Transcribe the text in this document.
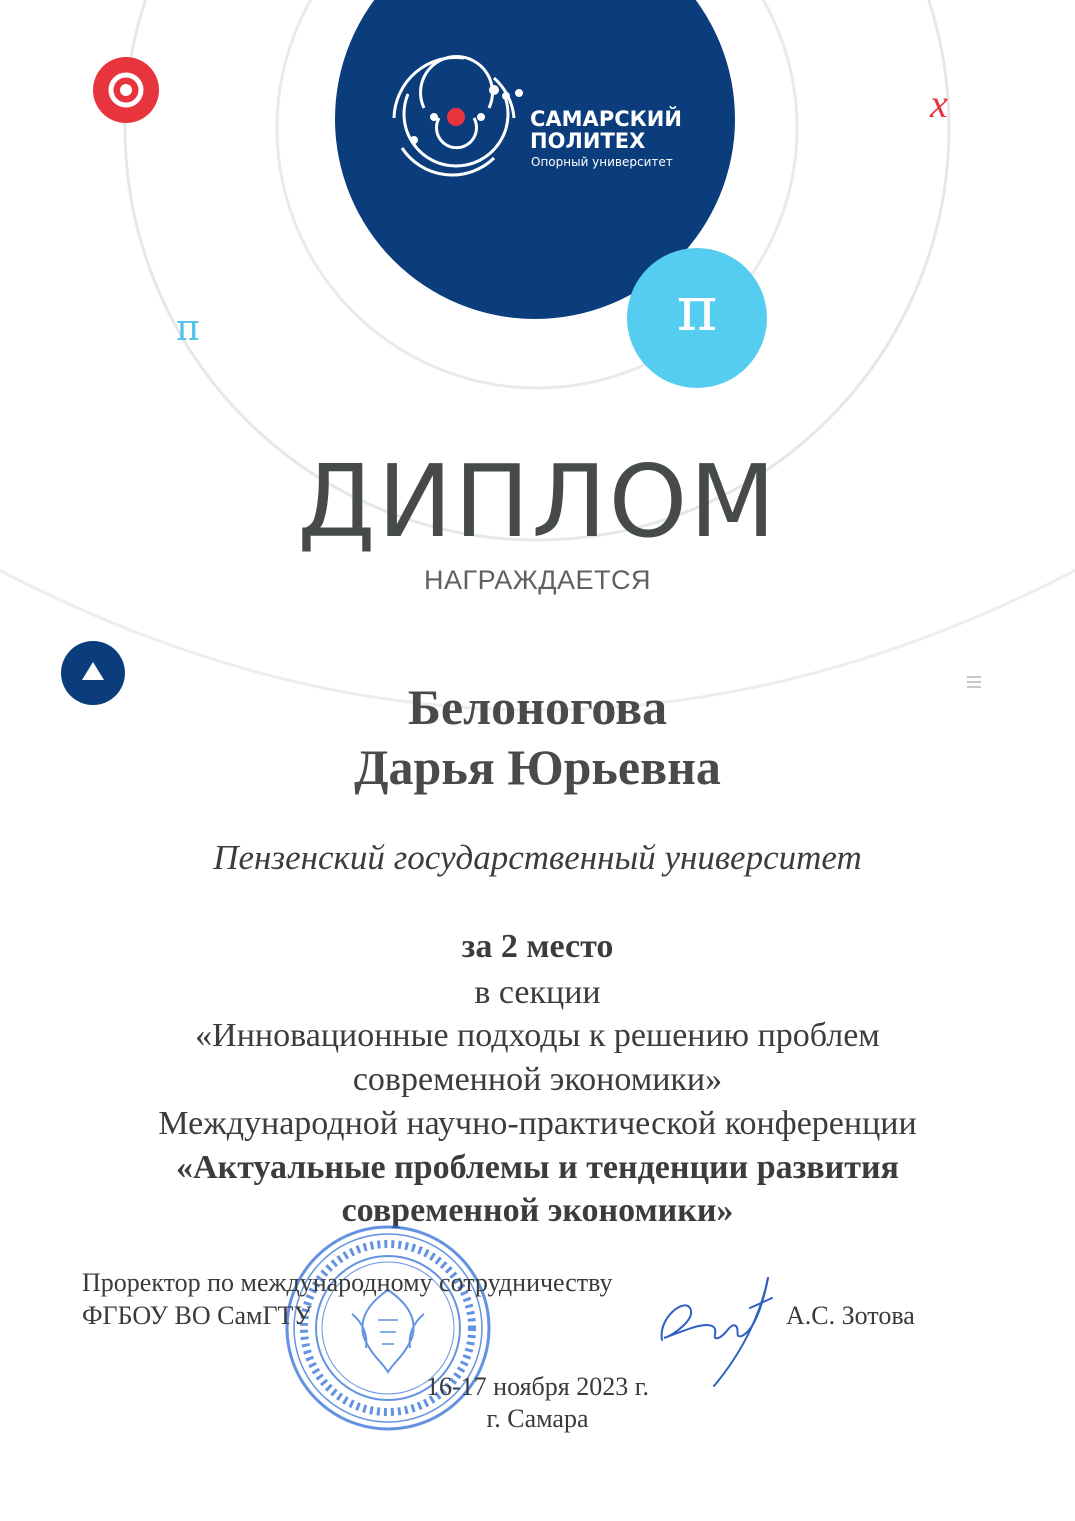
x
π
САМАРСКИЙ
ПОЛИТЕХ
Опорный университет
π
ДИПЛОМ
НАГРАЖДАЕТСЯ
Белоногова
Дарья Юрьевна
Пензенский государственный университет
за 2 место
в секции
«Инновационные подходы к решению проблем
современной экономики»
Международной научно-практической конференции
«Актуальные проблемы и тенденции развития
современной экономики»
Проректор по международному сотрудничеству
ФГБОУ ВО СамГТУ	А.С. Зотова
16-17 ноября 2023 г.
г. Самара
